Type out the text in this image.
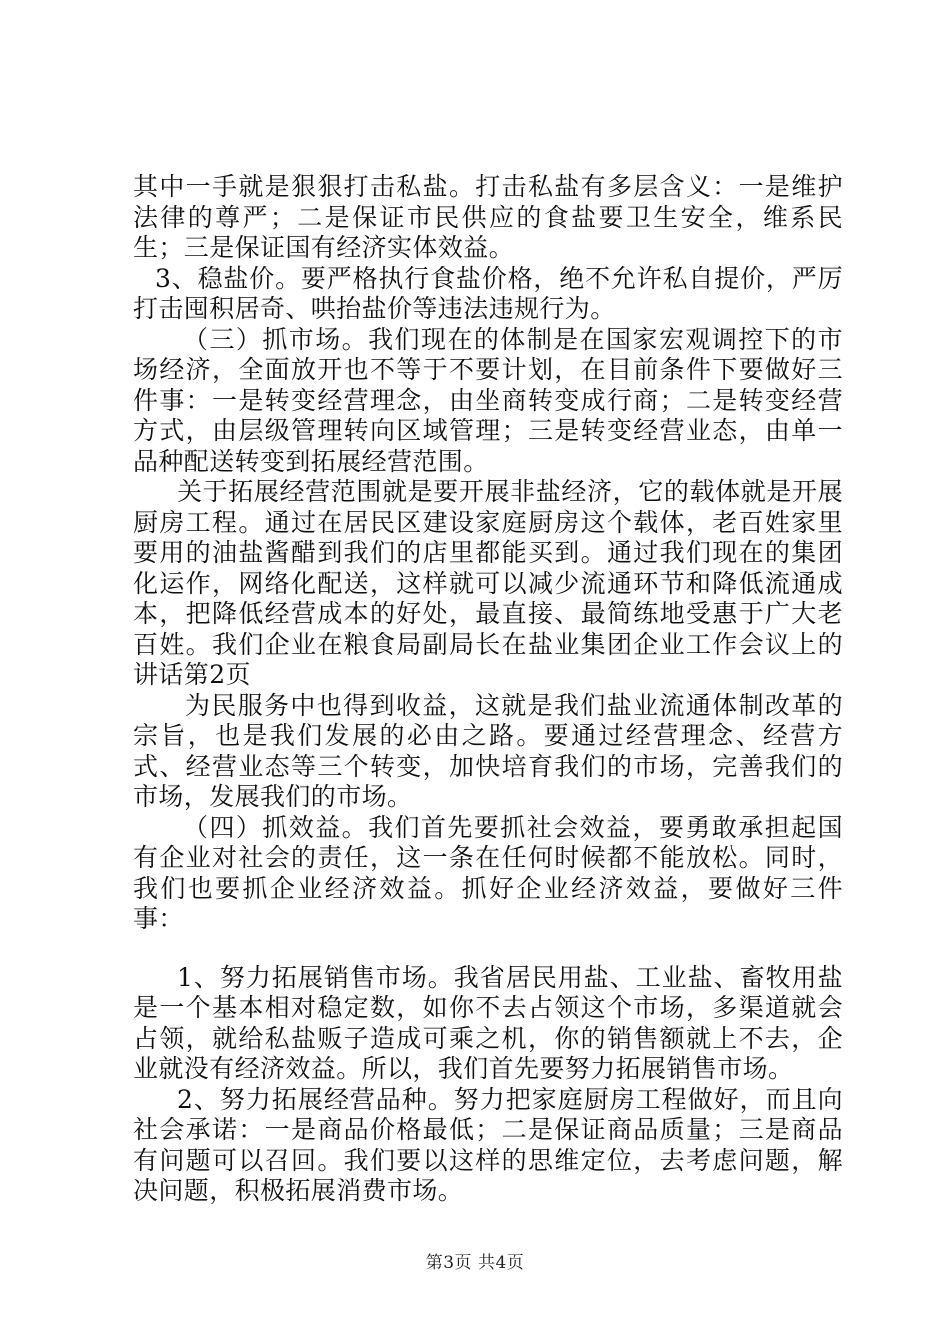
其中一手就是狠狠打击私盐。打击私盐有多层含义：一是维护法律的尊严；二是保证市民供应的食盐要卫生安全，维系民生；三是保证国有经济实体效益。

3、稳盐价。要严格执行食盐价格，绝不允许私自提价，严厉打击囤积居奇、哄抬盐价等违法违规行为。

（三）抓市场。我们现在的体制是在国家宏观调控下的市场经济，全面放开也不等于不要计划，在目前条件下要做好三件事：一是转变经营理念，由坐商转变成行商；二是转变经营方式，由层级管理转向区域管理；三是转变经营业态，由单一品种配送转变到拓展经营范围。

关于拓展经营范围就是要开展非盐经济，它的载体就是开展厨房工程。通过在居民区建设家庭厨房这个载体，老百姓家里要用的油盐酱醋到我们的店里都能买到。通过我们现在的集团化运作，网络化配送，这样就可以减少流通环节和降低流通成本，把降低经营成本的好处，最直接、最简练地受惠于广大老百姓。我们企业在粮食局副局长在盐业集团企业工作会议上的讲话第2页

为民服务中也得到收益，这就是我们盐业流通体制改革的宗旨，也是我们发展的必由之路。要通过经营理念、经营方式、经营业态等三个转变，加快培育我们的市场，完善我们的市场，发展我们的市场。

（四）抓效益。我们首先要抓社会效益，要勇敢承担起国有企业对社会的责任，这一条在任何时候都不能放松。同时，我们也要抓企业经济效益。抓好企业经济效益，要做好三件事：

1、努力拓展销售市场。我省居民用盐、工业盐、畜牧用盐是一个基本相对稳定数，如你不去占领这个市场，多渠道就会占领，就给私盐贩子造成可乘之机，你的销售额就上不去，企业就没有经济效益。所以，我们首先要努力拓展销售市场。

2、努力拓展经营品种。努力把家庭厨房工程做好，而且向社会承诺：一是商品价格最低；二是保证商品质量；三是商品有问题可以召回。我们要以这样的思维定位，去考虑问题，解决问题，积极拓展消费市场。

第3页 共4页
